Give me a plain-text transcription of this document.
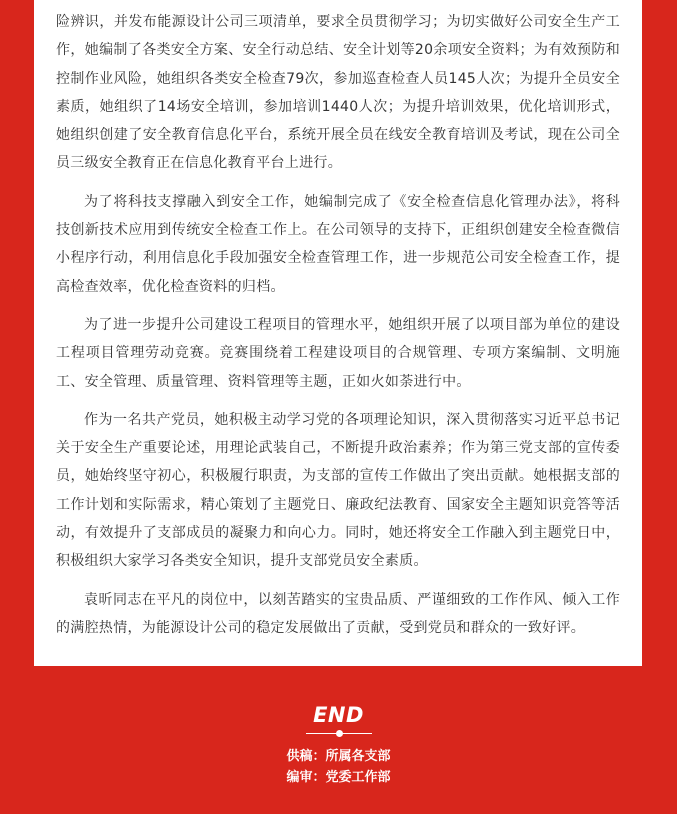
险辨识，并发布能源设计公司三项清单，要求全员贯彻学习；为切实做好公司安全生产工作，她编制了各类安全方案、安全行动总结、安全计划等20余项安全资料；为有效预防和控制作业风险，她组织各类安全检查79次，参加巡查检查人员145人次；为提升全员安全素质，她组织了14场安全培训，参加培训1440人次；为提升培训效果，优化培训形式，她组织创建了安全教育信息化平台，系统开展全员在线安全教育培训及考试，现在公司全员三级安全教育正在信息化教育平台上进行。

为了将科技支撑融入到安全工作，她编制完成了《安全检查信息化管理办法》，将科技创新技术应用到传统安全检查工作上。在公司领导的支持下，正组织创建安全检查微信小程序行动，利用信息化手段加强安全检查管理工作，进一步规范公司安全检查工作，提高检查效率，优化检查资料的归档。

为了进一步提升公司建设工程项目的管理水平，她组织开展了以项目部为单位的建设工程项目管理劳动竞赛。竞赛围绕着工程建设项目的合规管理、专项方案编制、文明施工、安全管理、质量管理、资料管理等主题，正如火如荼进行中。

作为一名共产党员，她积极主动学习党的各项理论知识，深入贯彻落实习近平总书记关于安全生产重要论述，用理论武装自己，不断提升政治素养；作为第三党支部的宣传委员，她始终坚守初心，积极履行职责，为支部的宣传工作做出了突出贡献。她根据支部的工作计划和实际需求，精心策划了主题党日、廉政纪法教育、国家安全主题知识竞答等活动，有效提升了支部成员的凝聚力和向心力。同时，她还将安全工作融入到主题党日中，积极组织大家学习各类安全知识，提升支部党员安全素质。

袁昕同志在平凡的岗位中，以刻苦踏实的宝贵品质、严谨细致的工作作风、倾入工作的满腔热情，为能源设计公司的稳定发展做出了贡献，受到党员和群众的一致好评。

END

供稿：所属各支部

编审：党委工作部
